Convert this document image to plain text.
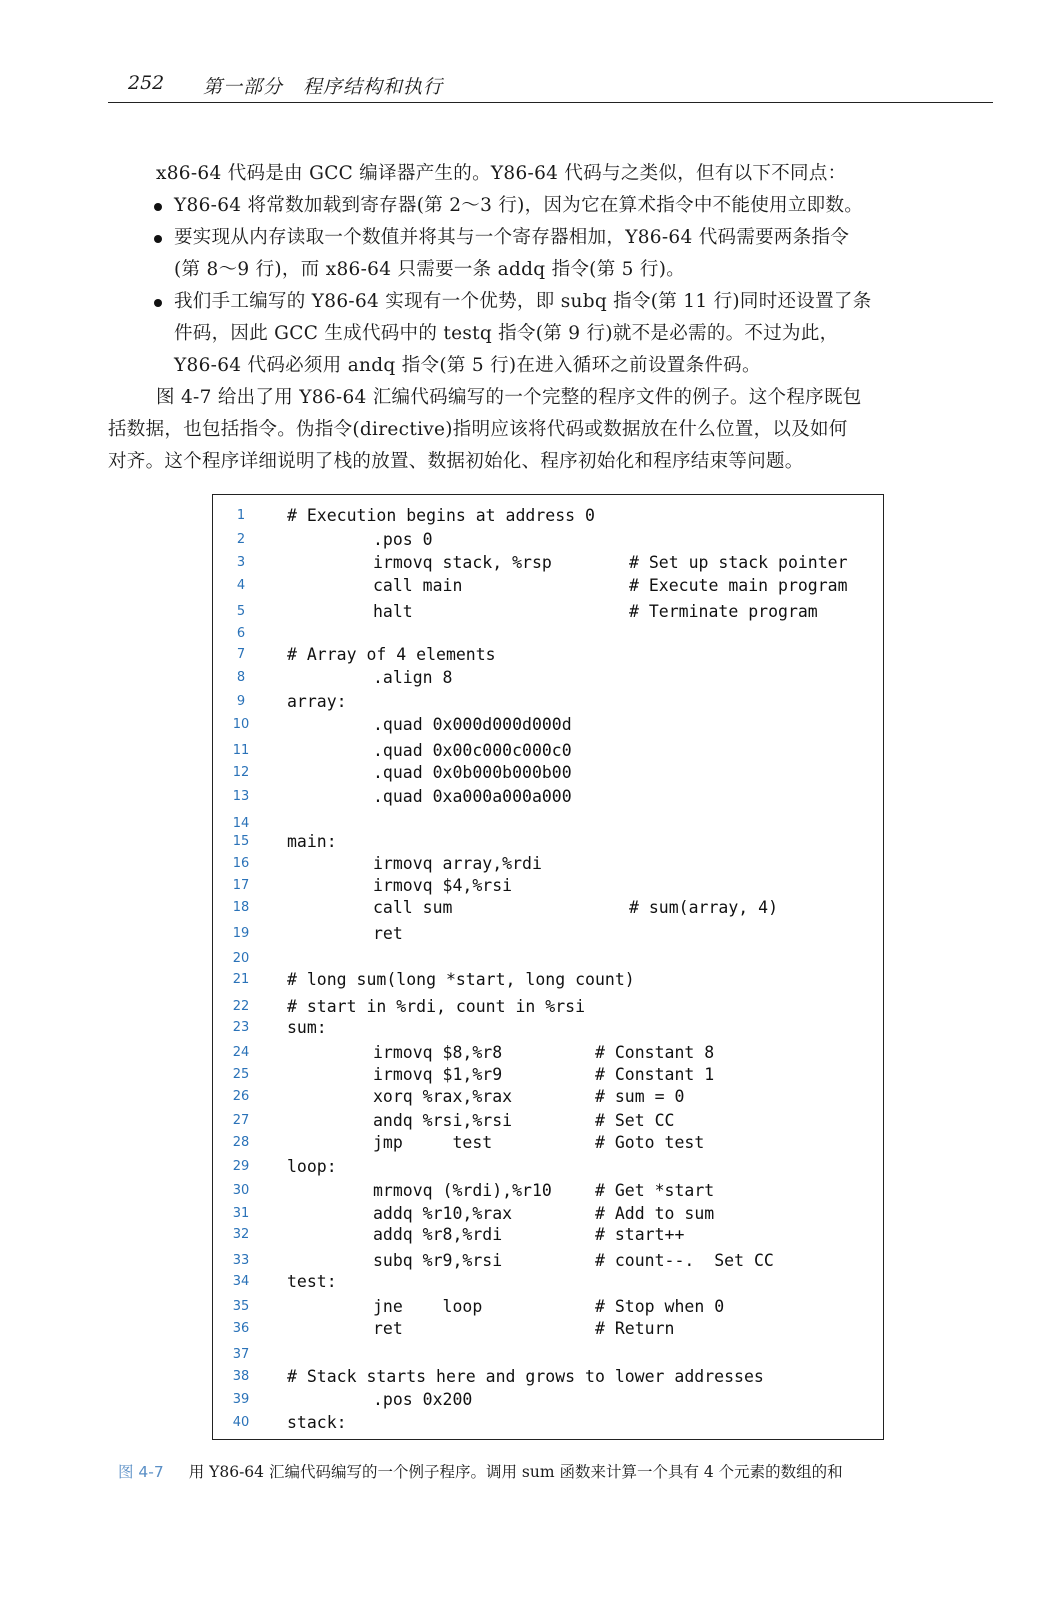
252 第一部分　程序结构和执行

x86-64 代码是由 GCC 编译器产生的。Y86-64 代码与之类似，但有以下不同点：

Y86-64 将常数加载到寄存器(第 2～3 行)，因为它在算术指令中不能使用立即数。
要实现从内存读取一个数值并将其与一个寄存器相加，Y86-64 代码需要两条指令
(第 8～9 行)，而 x86-64 只需要一条 addq 指令(第 5 行)。
我们手工编写的 Y86-64 实现有一个优势，即 subq 指令(第 11 行)同时还设置了条
件码，因此 GCC 生成代码中的 testq 指令(第 9 行)就不是必需的。不过为此，
Y86-64 代码必须用 andq 指令(第 5 行)在进入循环之前设置条件码。

图 4-7 给出了用 Y86-64 汇编代码编写的一个完整的程序文件的例子。这个程序既包

括数据，也包括指令。伪指令(directive)指明应该将代码或数据放在什么位置，以及如何

对齐。这个程序详细说明了栈的放置、数据初始化、程序初始化和程序结束等问题。

1	# Execution begins at address 0
2	.pos 0
3	irmovq stack, %rsp	# Set up stack pointer
4	call main	# Execute main program
5	halt	# Terminate program
6
7	# Array of 4 elements
8	.align 8
9	array:
10	.quad 0x000d000d000d
11	.quad 0x00c000c000c0
12	.quad 0x0b000b000b00
13	.quad 0xa000a000a000
14
15	main:
16	irmovq array,%rdi
17	irmovq $4,%rsi
18	call sum	# sum(array, 4)
19	ret
20
21	# long sum(long *start, long count)
22	# start in %rdi, count in %rsi
23	sum:
24	irmovq $8,%r8	# Constant 8
25	irmovq $1,%r9	# Constant 1
26	xorq %rax,%rax	# sum = 0
27	andq %rsi,%rsi	# Set CC
28	jmp     test	# Goto test
29	loop:
30	mrmovq (%rdi),%r10	# Get *start
31	addq %r10,%rax	# Add to sum
32	addq %r8,%rdi	# start++
33	subq %r9,%rsi	# count--.  Set CC
34	test:
35	jne    loop	# Stop when 0
36	ret	# Return
37
38	# Stack starts here and grows to lower addresses
39	.pos 0x200
40	stack:
图 4-7 用 Y86-64 汇编代码编写的一个例子程序。调用 sum 函数来计算一个具有 4 个元素的数组的和
